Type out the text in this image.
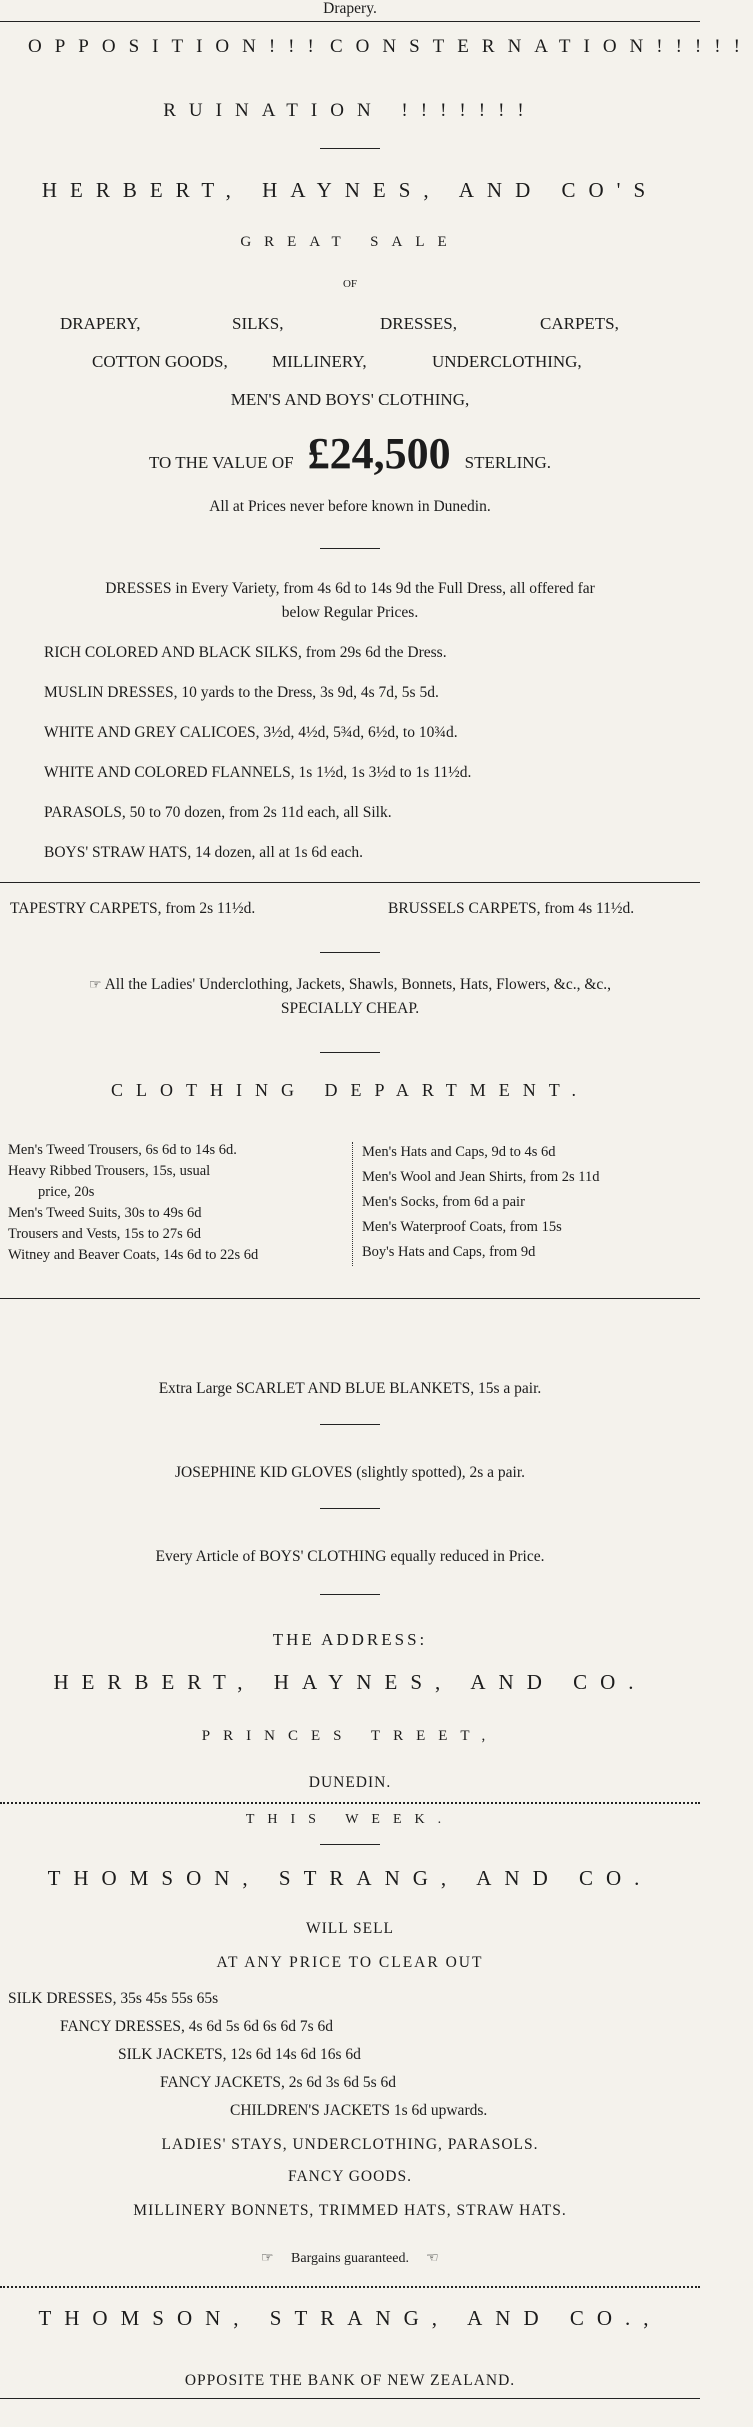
Drapery.
OPPOSITION!!! CONSTERNATION!!!!!
RUINATION !!!!!!!
HERBERT, HAYNES, AND CO'S
GREAT SALE
OF
DRAPERY,	SILKS,	DRESSES,	CARPETS,
COTTON GOODS,	MILLINERY,	UNDERCLOTHING,
MEN'S AND BOYS' CLOTHING,
TO THE VALUE OF £24,500 STERLING.
All at Prices never before known in Dunedin.
DRESSES in Every Variety, from 4s 6d to 14s 9d the Full Dress, all offered far
below Regular Prices.
RICH COLORED AND BLACK SILKS, from 29s 6d the Dress.
MUSLIN DRESSES, 10 yards to the Dress, 3s 9d, 4s 7d, 5s 5d.
WHITE AND GREY CALICOES, 3½d, 4½d, 5¾d, 6½d, to 10¾d.
WHITE AND COLORED FLANNELS, 1s 1½d, 1s 3½d to 1s 11½d.
PARASOLS, 50 to 70 dozen, from 2s 11d each, all Silk.
BOYS' STRAW HATS, 14 dozen, all at 1s 6d each.
TAPESTRY CARPETS, from 2s 11½d.	BRUSSELS CARPETS, from 4s 11½d.
☞ All the Ladies' Underclothing, Jackets, Shawls, Bonnets, Hats, Flowers, &c., &c.,
SPECIALLY CHEAP.
CLOTHING DEPARTMENT.
Men's Tweed Trousers, 6s 6d to 14s 6d.
Heavy Ribbed Trousers, 15s, usual
price, 20s
Men's Tweed Suits, 30s to 49s 6d
Trousers and Vests, 15s to 27s 6d
Witney and Beaver Coats, 14s 6d to 22s 6d
Men's Hats and Caps, 9d to 4s 6d
Men's Wool and Jean Shirts, from 2s 11d
Men's Socks, from 6d a pair
Men's Waterproof Coats, from 15s
Boy's Hats and Caps, from 9d
Extra Large SCARLET AND BLUE BLANKETS, 15s a pair.
JOSEPHINE KID GLOVES (slightly spotted), 2s a pair.
Every Article of BOYS' CLOTHING equally reduced in Price.
THE ADDRESS:
HERBERT, HAYNES, AND CO.
PRINCES TREET,
DUNEDIN.
THIS WEEK.
THOMSON, STRANG, AND CO.
WILL SELL
AT ANY PRICE TO CLEAR OUT
SILK DRESSES, 35s 45s 55s 65s
FANCY DRESSES, 4s 6d 5s 6d 6s 6d 7s 6d
SILK JACKETS, 12s 6d 14s 6d 16s 6d
FANCY JACKETS, 2s 6d 3s 6d 5s 6d
CHILDREN'S JACKETS 1s 6d upwards.
LADIES' STAYS, UNDERCLOTHING, PARASOLS.
FANCY GOODS.
MILLINERY BONNETS, TRIMMED HATS, STRAW HATS.
☞ Bargains guaranteed. ☞
THOMSON, STRANG, AND CO.,
OPPOSITE THE BANK OF NEW ZEALAND.
